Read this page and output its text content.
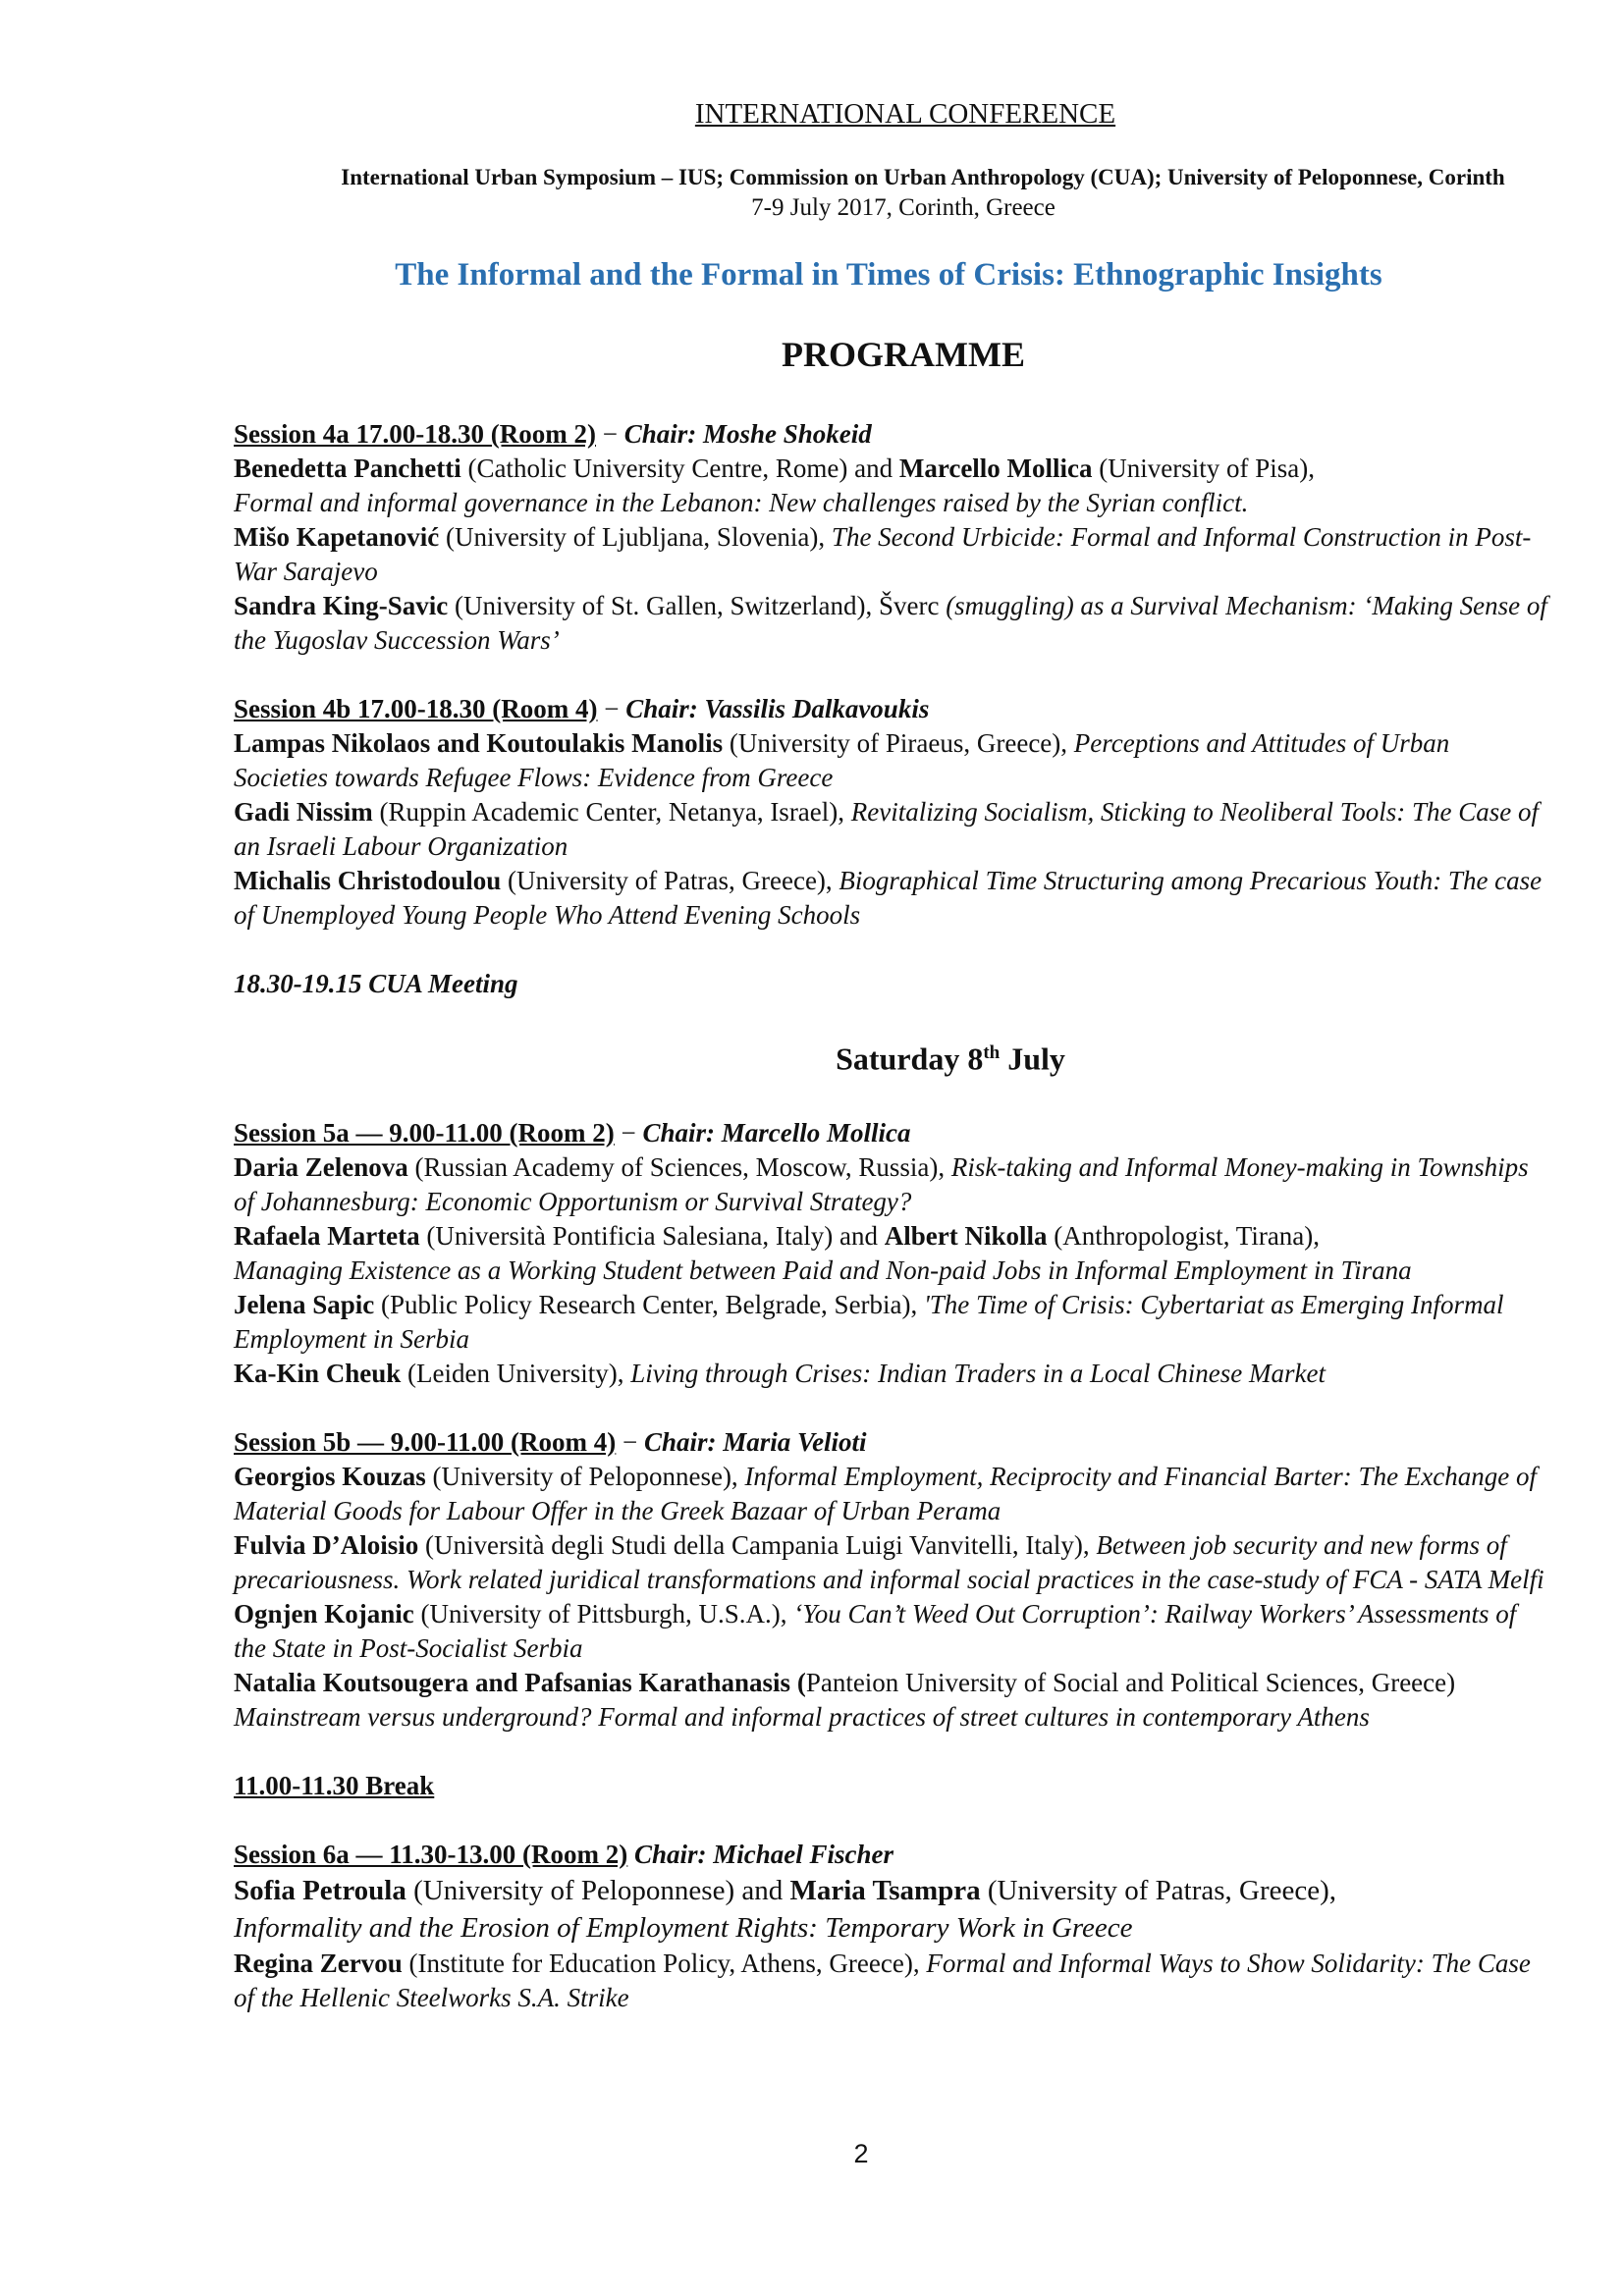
INTERNATIONAL CONFERENCE
International Urban Symposium – IUS; Commission on Urban Anthropology (CUA); University of Peloponnese, Corinth
7-9 July 2017, Corinth, Greece
The Informal and the Formal in Times of Crisis: Ethnographic Insights
PROGRAMME
Session 4a 17.00-18.30 (Room 2) − Chair: Moshe Shokeid
Benedetta Panchetti (Catholic University Centre, Rome) and Marcello Mollica (University of Pisa),
Formal and informal governance in the Lebanon: New challenges raised by the Syrian conflict.
Mišo Kapetanović (University of Ljubljana, Slovenia), The Second Urbicide: Formal and Informal Construction in Post-War Sarajevo
Sandra King-Savic (University of St. Gallen, Switzerland), Šverc (smuggling) as a Survival Mechanism: ‘Making Sense of the Yugoslav Succession Wars’
Session 4b 17.00-18.30 (Room 4) − Chair: Vassilis Dalkavoukis
Lampas Nikolaos and Koutoulakis Manolis (University of Piraeus, Greece), Perceptions and Attitudes of Urban Societies towards Refugee Flows: Evidence from Greece
Gadi Nissim (Ruppin Academic Center, Netanya, Israel), Revitalizing Socialism, Sticking to Neoliberal Tools: The Case of an Israeli Labour Organization
Michalis Christodoulou (University of Patras, Greece), Biographical Time Structuring among Precarious Youth: The case of Unemployed Young People Who Attend Evening Schools
18.30-19.15 CUA Meeting
Saturday 8th July
Session 5a — 9.00-11.00 (Room 2) − Chair: Marcello Mollica
Daria Zelenova (Russian Academy of Sciences, Moscow, Russia), Risk-taking and Informal Money-making in Townships of Johannesburg: Economic Opportunism or Survival Strategy?
Rafaela Marteta (Università Pontificia Salesiana, Italy) and Albert Nikolla (Anthropologist, Tirana),
Managing Existence as a Working Student between Paid and Non-paid Jobs in Informal Employment in Tirana
Jelena Sapic (Public Policy Research Center, Belgrade, Serbia), 'The Time of Crisis: Cybertariat as Emerging Informal Employment in Serbia
Ka-Kin Cheuk (Leiden University), Living through Crises: Indian Traders in a Local Chinese Market
Session 5b — 9.00-11.00 (Room 4) − Chair: Maria Velioti
Georgios Kouzas (University of Peloponnese), Informal Employment, Reciprocity and Financial Barter: The Exchange of Material Goods for Labour Offer in the Greek Bazaar of Urban Perama
Fulvia D’Aloisio (Università degli Studi della Campania Luigi Vanvitelli, Italy), Between job security and new forms of precariousness. Work related juridical transformations and informal social practices in the case-study of FCA - SATA Melfi
Ognjen Kojanic (University of Pittsburgh, U.S.A.), ‘You Can’t Weed Out Corruption’: Railway Workers’ Assessments of the State in Post-Socialist Serbia
Natalia Koutsougera and Pafsanias Karathanasis (Panteion University of Social and Political Sciences, Greece) Mainstream versus underground? Formal and informal practices of street cultures in contemporary Athens
11.00-11.30 Break
Session 6a — 11.30-13.00 (Room 2) Chair: Michael Fischer
Sofia Petroula (University of Peloponnese) and Maria Tsampra (University of Patras, Greece),
Informality and the Erosion of Employment Rights: Temporary Work in Greece
Regina Zervou (Institute for Education Policy, Athens, Greece), Formal and Informal Ways to Show Solidarity: The Case of the Hellenic Steelworks S.A. Strike
2
